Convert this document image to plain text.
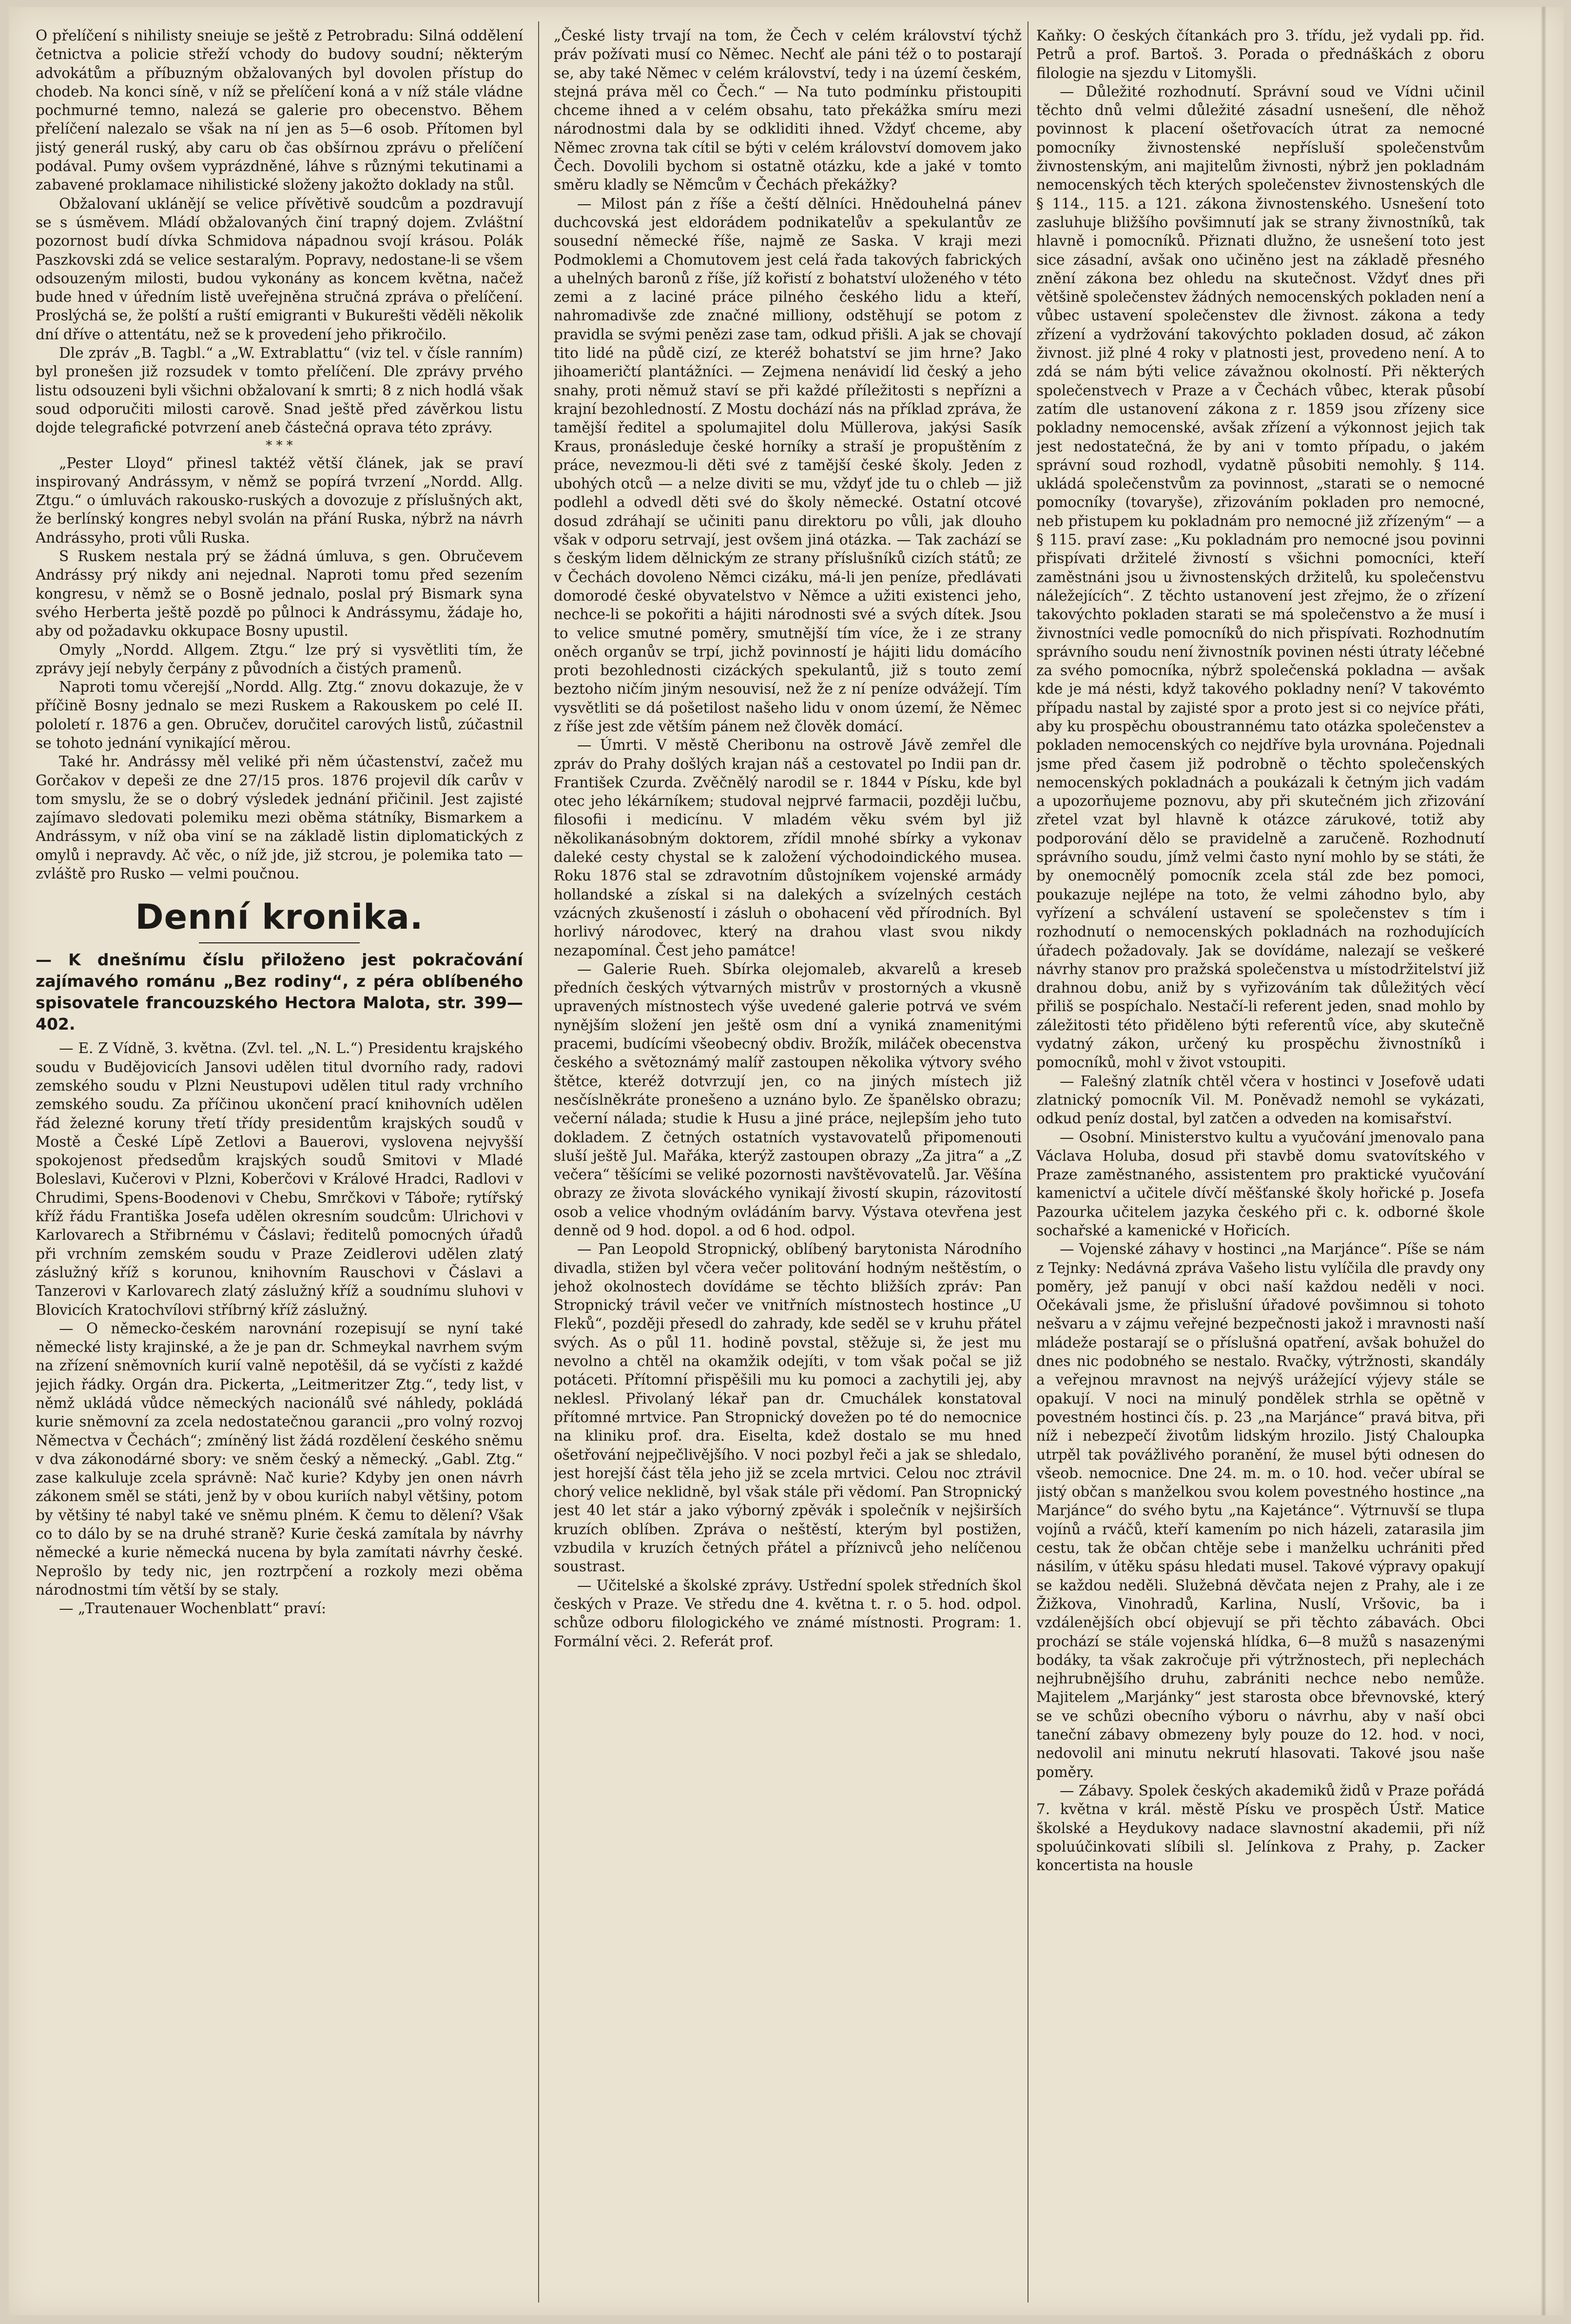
O přelíčení s nihilisty sneiuje se ještě z Petrobradu: Silná oddělení četnictva a policie střeží vchody do budovy soudní; některým advokátům a příbuzným obžalovaných byl dovolen přístup do chodeb. Na konci síně, v níž se přelíčení koná a v níž stále vládne pochmurné temno, nalezá se galerie pro obecenstvo. Během přelíčení nalezalo se však na ní jen as 5—6 osob. Přítomen byl jistý generál ruský, aby caru ob čas obšírnou zprávu o přelíčení podával. Pumy ovšem vyprázdněné, láhve s různými tekutinami a zabavené proklamace nihilistické složeny jakožto doklady na stůl.

Obžalovaní uklánějí se velice přívětivě soudcům a pozdravují se s úsměvem. Mládí obžalovaných činí trapný dojem. Zvláštní pozornost budí dívka Schmidova nápadnou svojí krásou. Polák Paszkovski zdá se velice sestaralým. Popravy, nedostane-li se všem odsouzeným milosti, budou vykonány as koncem května, načež bude hned v úředním listě uveřejněna stručná zpráva o přelíčení. Proslýchá se, že polští a ruští emigranti v Bukurešti věděli několik dní dříve o attentátu, než se k provedení jeho přikročilo.

Dle zpráv „B. Tagbl.“ a „W. Extrablattu“ (viz tel. v čísle ranním) byl pronešen již rozsudek v tomto přelíčení. Dle zprávy prvého listu odsouzeni byli všichni obžalovaní k smrti; 8 z nich hodlá však soud odporučiti milosti carově. Snad ještě před závěrkou listu dojde telegrafické potvrzení aneb částečná oprava této zprávy.

* * *

„Pester Lloyd“ přinesl taktéž větší článek, jak se praví inspirovaný Andrássym, v němž se popírá tvrzení „Nordd. Allg. Ztgu.“ o úmluvách rakousko-ruských a dovozuje z příslušných akt, že berlínský kongres nebyl svolán na přání Ruska, nýbrž na návrh Andrássyho, proti vůli Ruska.

S Ruskem nestala prý se žádná úmluva, s gen. Obručevem Andrássy prý nikdy ani nejednal. Naproti tomu před sezením kongresu, v němž se o Bosně jednalo, poslal prý Bismark syna svého Herberta ještě pozdě po půlnoci k Andrássymu, žádaje ho, aby od požadavku okkupace Bosny upustil.

Omyly „Nordd. Allgem. Ztgu.“ lze prý si vysvětliti tím, že zprávy její nebyly čerpány z původních a čistých pramenů.

Naproti tomu včerejší „Nordd. Allg. Ztg.“ znovu dokazuje, že v příčině Bosny jednalo se mezi Ruskem a Rakouskem po celé II. pololetí r. 1876 a gen. Obručev, doručitel carových listů, zúčastnil se tohoto jednání vynikající měrou.

Také hr. Andrássy měl veliké při něm účastenství, začež mu Gorčakov v depeši ze dne 27/15 pros. 1876 projevil dík carův v tom smyslu, že se o dobrý výsledek jednání přičinil. Jest zajisté zajímavo sledovati polemiku mezi oběma státníky, Bismarkem a Andrássym, v níž oba viní se na základě listin diplomatických z omylů i nepravdy. Ač věc, o níž jde, již stcrou, je polemika tato — zvláště pro Rusko — velmi poučnou.

Denní kronika.
— K dnešnímu číslu přiloženo jest pokračování zajímavého románu „Bez rodiny“, z péra oblíbeného spisovatele francouzského Hectora Malota, str. 399—402.

— E. Z Vídně, 3. května. (Zvl. tel. „N. L.“) Presidentu krajského soudu v Budějovicích Jansovi udělen titul dvorního rady, radovi zemského soudu v Plzni Neustupovi udělen titul rady vrchního zemského soudu. Za příčinou ukončení prací knihovních udělen řád železné koruny třetí třídy presidentům krajských soudů v Mostě a České Lípě Zetlovi a Bauerovi, vyslovena nejvyšší spokojenost předsedům krajských soudů Smitovi v Mladé Boleslavi, Kučerovi v Plzni, Koberčovi v Králové Hradci, Radlovi v Chrudimi, Spens-Boodenovi v Chebu, Smrčkovi v Táboře; rytířský kříž řádu Františka Josefa udělen okresním soudcům: Ulrichovi v Karlovarech a Střibrnému v Čáslavi; ředitelů pomocných úřadů při vrchním zemském soudu v Praze Zeidlerovi udělen zlatý záslužný kříž s korunou, knihovním Rauschovi v Čáslavi a Tanzerovi v Karlovarech zlatý záslužný kříž a soudnímu sluhovi v Blovicích Kratochvílovi stříbrný kříž záslužný.

— O německo-českém narovnání rozepisují se nyní také německé listy krajinské, a že je pan dr. Schmeykal navrhem svým na zřízení sněmovních kurií valně nepotěšil, dá se vyčísti z každé jejich řádky. Orgán dra. Pickerta, „Leitmeritzer Ztg.“, tedy list, v němž ukládá vůdce německých nacionálů své náhledy, pokládá kurie sněmovní za zcela nedostatečnou garancii „pro volný rozvoj Němectva v Čechách“; zmíněný list žádá rozdělení českého sněmu v dva zákonodárné sbory: ve sněm český a německý. „Gabl. Ztg.“ zase kalkuluje zcela správně: Nač kurie? Kdyby jen onen návrh zákonem směl se státi, jenž by v obou kuriích nabyl většiny, potom by většiny té nabyl také ve sněmu plném. K čemu to dělení? Však co to dálo by se na druhé straně? Kurie česká zamítala by návrhy německé a kurie německá nucena by byla zamítati návrhy české. Neprošlo by tedy nic, jen roztrpčení a rozkoly mezi oběma národnostmi tím větší by se staly.

— „Trautenauer Wochenblatt“ praví:

„České listy trvají na tom, že Čech v celém království týchž práv požívati musí co Němec. Nechť ale páni též o to postarají se, aby také Němec v celém království, tedy i na území českém, stejná práva měl co Čech.“ — Na tuto podmínku přistoupiti chceme ihned a v celém obsahu, tato překážka smíru mezi národnostmi dala by se odkliditi ihned. Vždyť chceme, aby Němec zrovna tak cítil se býti v celém království domovem jako Čech. Dovolili bychom si ostatně otázku, kde a jaké v tomto směru kladly se Němcům v Čechách překážky?

— Milost pán z říše a čeští dělníci. Hnědouhelná pánev duchcovská jest eldorádem podnikatelův a spekulantův ze sousední německé říše, najmě ze Saska. V kraji mezi Podmoklemi a Chomutovem jest celá řada takových fabrických a uhelných baronů z říše, jíž kořistí z bohatství uloženého v této zemi a z laciné práce pilného českého lidu a kteří, nahromadivše zde značné milliony, odstěhují se potom z pravidla se svými penězi zase tam, odkud přišli. A jak se chovají tito lidé na půdě cizí, ze kteréž bohatství se jim hrne? Jako jihoameričtí plantážníci. — Zejmena nenávidí lid český a jeho snahy, proti němuž staví se při každé příležitosti s nepřízni a krajní bezohledností. Z Mostu dochází nás na příklad zpráva, že tamější ředitel a spolumajitel dolu Müllerova, jakýsi Sasík Kraus, pronásleduje české horníky a straší je propuštěním z práce, nevezmou-li děti své z tamější české školy. Jeden z ubohých otců — a nelze diviti se mu, vždyť jde tu o chleb — již podlehl a odvedl děti své do školy německé. Ostatní otcové dosud zdráhají se učiniti panu direktoru po vůli, jak dlouho však v odporu setrvají, jest ovšem jiná otázka. — Tak zachází se s českým lidem dělnickým ze strany příslušníků cizích států; ze v Čechách dovoleno Němci cizáku, má-li jen peníze, předlávati domorodé české obyvatelstvo v Němce a užiti existenci jeho, nechce-li se pokořiti a hájiti národnosti své a svých dítek. Jsou to velice smutné poměry, smutnější tím více, že i ze strany oněch organův se trpí, jichž povinností je hájiti lidu domácího proti bezohlednosti cizáckých spekulantů, již s touto zemí beztoho ničím jiným nesouvisí, než že z ní peníze odvážejí. Tím vysvětliti se dá pošetilost našeho lidu v onom území, že Němec z říše jest zde větším pánem než člověk domácí.

— Úmrti. V městě Cheribonu na ostrově Jávě zemřel dle zpráv do Prahy došlých krajan náš a cestovatel po Indii pan dr. František Czurda. Zvěčnělý narodil se r. 1844 v Písku, kde byl otec jeho lékárníkem; studoval nejprvé farmacii, později lučbu, filosofii i medicínu. V mladém věku svém byl již několikanásobným doktorem, zřídil mnohé sbírky a vykonav daleké cesty chystal se k založení východoindického musea. Roku 1876 stal se zdravotním důstojníkem vojenské armády hollandské a získal si na dalekých a svízelných cestách vzácných zkušeností i zásluh o obohacení věd přírodních. Byl horlivý národovec, který na drahou vlast svou nikdy nezapomínal. Čest jeho památce!

— Galerie Rueh. Sbírka olejomaleb, akvarelů a kreseb předních českých výtvarných mistrův v prostorných a vkusně upravených místnostech výše uvedené galerie potrvá ve svém nynějším složení jen ještě osm dní a vyniká znamenitými pracemi, budícími všeobecný obdiv. Brožík, miláček obecenstva českého a světoznámý malíř zastoupen několika výtvory svého štětce, kteréž dotvrzují jen, co na jiných místech již nesčíslněkráte pronešeno a uznáno bylo. Ze španělsko obrazu; večerní nálada; studie k Husu a jiné práce, nejlepším jeho tuto dokladem. Z četných ostatních vystavovatelů připomenouti sluší ještě Jul. Mařáka, kterýž zastoupen obrazy „Za jitra“ a „Z večera“ těšícími se veliké pozornosti navštěvovatelů. Jar. Věšína obrazy ze života slováckého vynikají živostí skupin, rázovitostí osob a velice vhodným ovládáním barvy. Výstava otevřena jest denně od 9 hod. dopol. a od 6 hod. odpol.

— Pan Leopold Stropnický, oblíbený barytonista Národního divadla, stižen byl včera večer politování hodným neštěstím, o jehož okolnostech dovídáme se těchto bližších zpráv: Pan Stropnický trávil večer ve vnitřních místnostech hostince „U Fleků“, později přesedl do zahrady, kde seděl se v kruhu přátel svých. As o půl 11. hodině povstal, stěžuje si, že jest mu nevolno a chtěl na okamžik odejíti, v tom však počal se již potáceti. Přítomní přispěšili mu ku pomoci a zachytili jej, aby neklesl. Přivolaný lékař pan dr. Cmuchálek konstatoval přítomné mrtvice. Pan Stropnický dovežen po té do nemocnice na kliniku prof. dra. Eiselta, kdež dostalo se mu hned ošetřování nejpečlivějšího. V noci pozbyl řeči a jak se shledalo, jest horejší část těla jeho již se zcela mrtvici. Celou noc ztrávil chorý velice neklidně, byl však stále při vědomí. Pan Stropnický jest 40 let stár a jako výborný zpěvák i společník v nejširších kruzích oblíben. Zpráva o neštěstí, kterým byl postižen, vzbudila v kruzích četných přátel a příznivců jeho nelíčenou soustrast.

— Učitelské a školské zprávy. Ustřední spolek středních škol českých v Praze. Ve středu dne 4. května t. r. o 5. hod. odpol. schůze odboru filologického ve známé místnosti. Program: 1. Formální věci. 2. Referát prof.

Kaňky: O českých čítankách pro 3. třídu, jež vydali pp. řid. Petrů a prof. Bartoš. 3. Porada o přednáškách z oboru filologie na sjezdu v Litomyšli.

— Důležité rozhodnutí. Správní soud ve Vídni učinil těchto dnů velmi důležité zásadní usnešení, dle něhož povinnost k placení ošetřovacích útrat za nemocné pomocníky živnostenské nepřísluší společenstvům živnostenským, ani majitelům živnosti, nýbrž jen pokladnám nemocenských těch kterých společenstev živnostenských dle § 114., 115. a 121. zákona živnostenského. Usnešení toto zasluhuje bližšího povšimnutí jak se strany živnostníků, tak hlavně i pomocníků. Přiznati dlužno, že usnešení toto jest sice zásadní, avšak ono učiněno jest na základě přesného znění zákona bez ohledu na skutečnost. Vždyť dnes při většině společenstev žádných nemocenských pokladen není a vůbec ustavení společenstev dle živnost. zákona a tedy zřízení a vydržování takovýchto pokladen dosud, ač zákon živnost. již plné 4 roky v platnosti jest, provedeno není. A to zdá se nám býti velice závažnou okolností. Při některých společenstvech v Praze a v Čechách vůbec, kterak působí zatím dle ustanovení zákona z r. 1859 jsou zřízeny sice pokladny nemocenské, avšak zřízení a výkonnost jejich tak jest nedostatečná, že by ani v tomto případu, o jakém správní soud rozhodl, vydatně působiti nemohly. § 114. ukládá společenstvům za povinnost, „starati se o nemocné pomocníky (tovaryše), zřizováním pokladen pro nemocné, neb přistupem ku pokladnám pro nemocné již zřízeným“ — a § 115. praví zase: „Ku pokladnám pro nemocné jsou povinni přispívati držitelé živností s všichni pomocníci, kteří zaměstnáni jsou u živnostenských držitelů, ku společenstvu náležejících“. Z těchto ustanovení jest zřejmo, že o zřízení takovýchto pokladen starati se má společenstvo a že musí i živnostníci vedle pomocníků do nich přispívati. Rozhodnutím správního soudu není živnostník povinen nésti útraty léčebné za svého pomocníka, nýbrž společenská pokladna — avšak kde je má nésti, když takového pokladny není? V takovémto případu nastal by zajisté spor a proto jest si co nejvíce přáti, aby ku prospěchu oboustrannému tato otázka společenstev a pokladen nemocenských co nejdříve byla urovnána. Pojednali jsme před časem již podrobně o těchto společenských nemocenských pokladnách a poukázali k četným jich vadám a upozorňujeme poznovu, aby při skutečném jich zřizování zřetel vzat byl hlavně k otázce zárukové, totiž aby podporování dělo se pravidelně a zaručeně. Rozhodnutí správního soudu, jímž velmi často nyní mohlo by se státi, že by onemocnělý pomocník zcela stál zde bez pomoci, poukazuje nejlépe na toto, že velmi záhodno bylo, aby vyřízení a schválení ustavení se společenstev s tím i rozhodnutí o nemocenských pokladnách na rozhodujících úřadech požadovaly. Jak se dovídáme, nalezají se veškeré návrhy stanov pro pražská společenstva u místodržitelství již drahnou dobu, aniž by s vyřizováním tak důležitých věcí přiliš se pospíchalo. Nestačí-li referent jeden, snad mohlo by záležitosti této přiděleno býti referentů více, aby skutečně vydatný zákon, určený ku prospěchu živnostníků i pomocníků, mohl v život vstoupiti.

— Falešný zlatník chtěl včera v hostinci v Josefově udati zlatnický pomocník Vil. M. Poněvadž nemohl se vykázati, odkud peníz dostal, byl zatčen a odveden na komisařství.

— Osobní. Ministerstvo kultu a vyučování jmenovalo pana Václava Holuba, dosud při stavbě domu svatovítského v Praze zaměstnaného, assistentem pro praktické vyučování kamenictví a učitele dívčí měšťanské školy hořické p. Josefa Pazourka učitelem jazyka českého při c. k. odborné škole sochařské a kamenické v Hořicích.

— Vojenské záhavy v hostinci „na Marjánce“. Píše se nám z Tejnky: Nedávná zpráva Vašeho listu vylíčila dle pravdy ony poměry, jež panují v obci naší každou neděli v noci. Očekávali jsme, že přislušní úřadové povšimnou si tohoto nešvaru a v zájmu veřejné bezpečnosti jakož i mravnosti naší mládeže postarají se o příslušná opatření, avšak bohužel do dnes nic podobného se nestalo. Rvačky, výtržnosti, skandály a veřejnou mravnost na nejvýš urážející výjevy stále se opakují. V noci na minulý pondělek strhla se opětně v povestném hostinci čís. p. 23 „na Marjánce“ pravá bitva, při níž i nebezpečí životům lidským hrozilo. Jistý Chaloupka utrpěl tak povážlivého poranění, že musel býti odnesen do všeob. nemocnice. Dne 24. m. m. o 10. hod. večer ubíral se jistý občan s manželkou svou kolem povestného hostince „na Marjánce“ do svého bytu „na Kajetánce“. Výtrnuvší se tlupa vojínů a rváčů, kteří kamením po nich házeli, zatarasila jim cestu, tak že občan chtěje sebe i manželku uchrániti před násilím, v útěku spásu hledati musel. Takové výpravy opakují se každou neděli. Služebná děvčata nejen z Prahy, ale i ze Žižkova, Vinohradů, Karlina, Nuslí, Vršovic, ba i vzdálenějších obcí objevují se při těchto zábavách. Obci prochází se stále vojenská hlídka, 6—8 mužů s nasazenými bodáky, ta však zakročuje při výtržnostech, při neplechách nejhrubnějšího druhu, zabrániti nechce nebo nemůže. Majitelem „Marjánky“ jest starosta obce břevnovské, který se ve schůzi obecního výboru o návrhu, aby v naší obci taneční zábavy obmezeny byly pouze do 12. hod. v noci, nedovolil ani minutu nekrutí hlasovati. Takové jsou naše poměry.

— Zábavy. Spolek českých akademiků židů v Praze pořádá 7. května v král. městě Písku ve prospěch Ústř. Matice školské a Heydukovy nadace slavnostní akademii, při níž spoluúčinkovati slíbili sl. Jelínkova z Prahy, p. Zacker koncertista na housle
